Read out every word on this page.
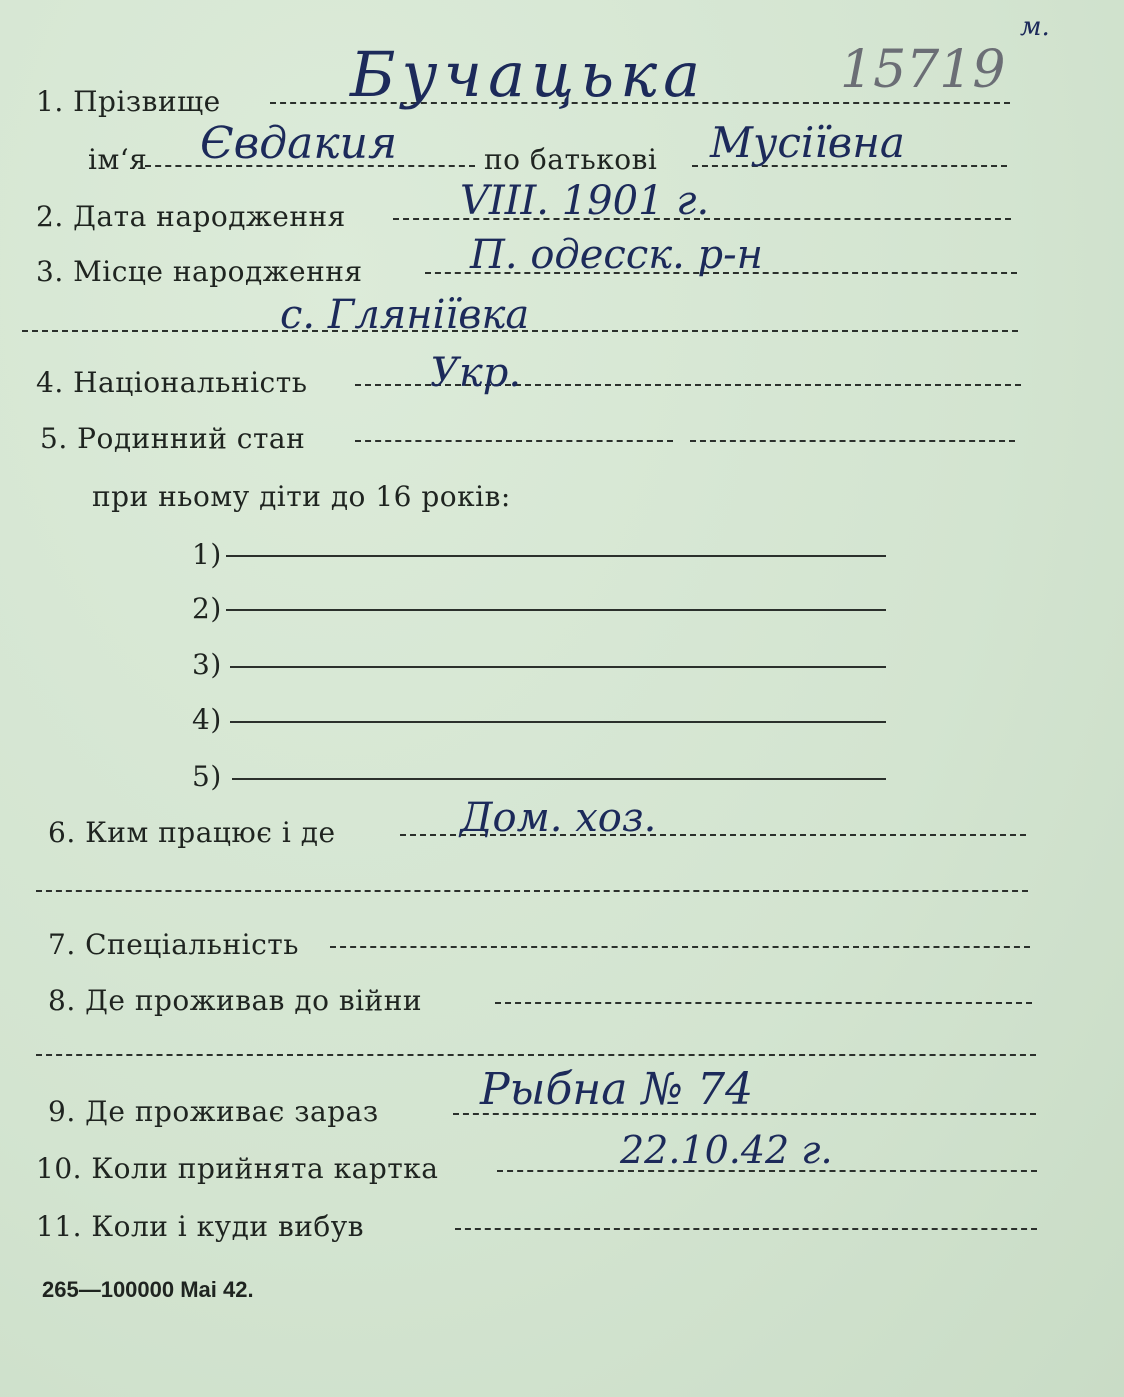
м.
1. Прізвище Бучацька	15719
ім‘я Євдакия	по батькові Мусіївна
2. Дата народження	VIII. 1901 г.
3. Місце народження	П. одесск. р-н
с. Гляніївка
4. Національність	Укр.
5. Родинний стан
при ньому діти до 16 років:
1)
2)
3)
4)
5)
6. Ким працює і де	Дом. хоз.
7. Спеціальність
8. Де проживав до війни
9. Де проживає зараз Рыбна № 74
10. Коли прийнята картка	22.10.42 г.
11. Коли і куди вибув
265—100000 Mai 42.
